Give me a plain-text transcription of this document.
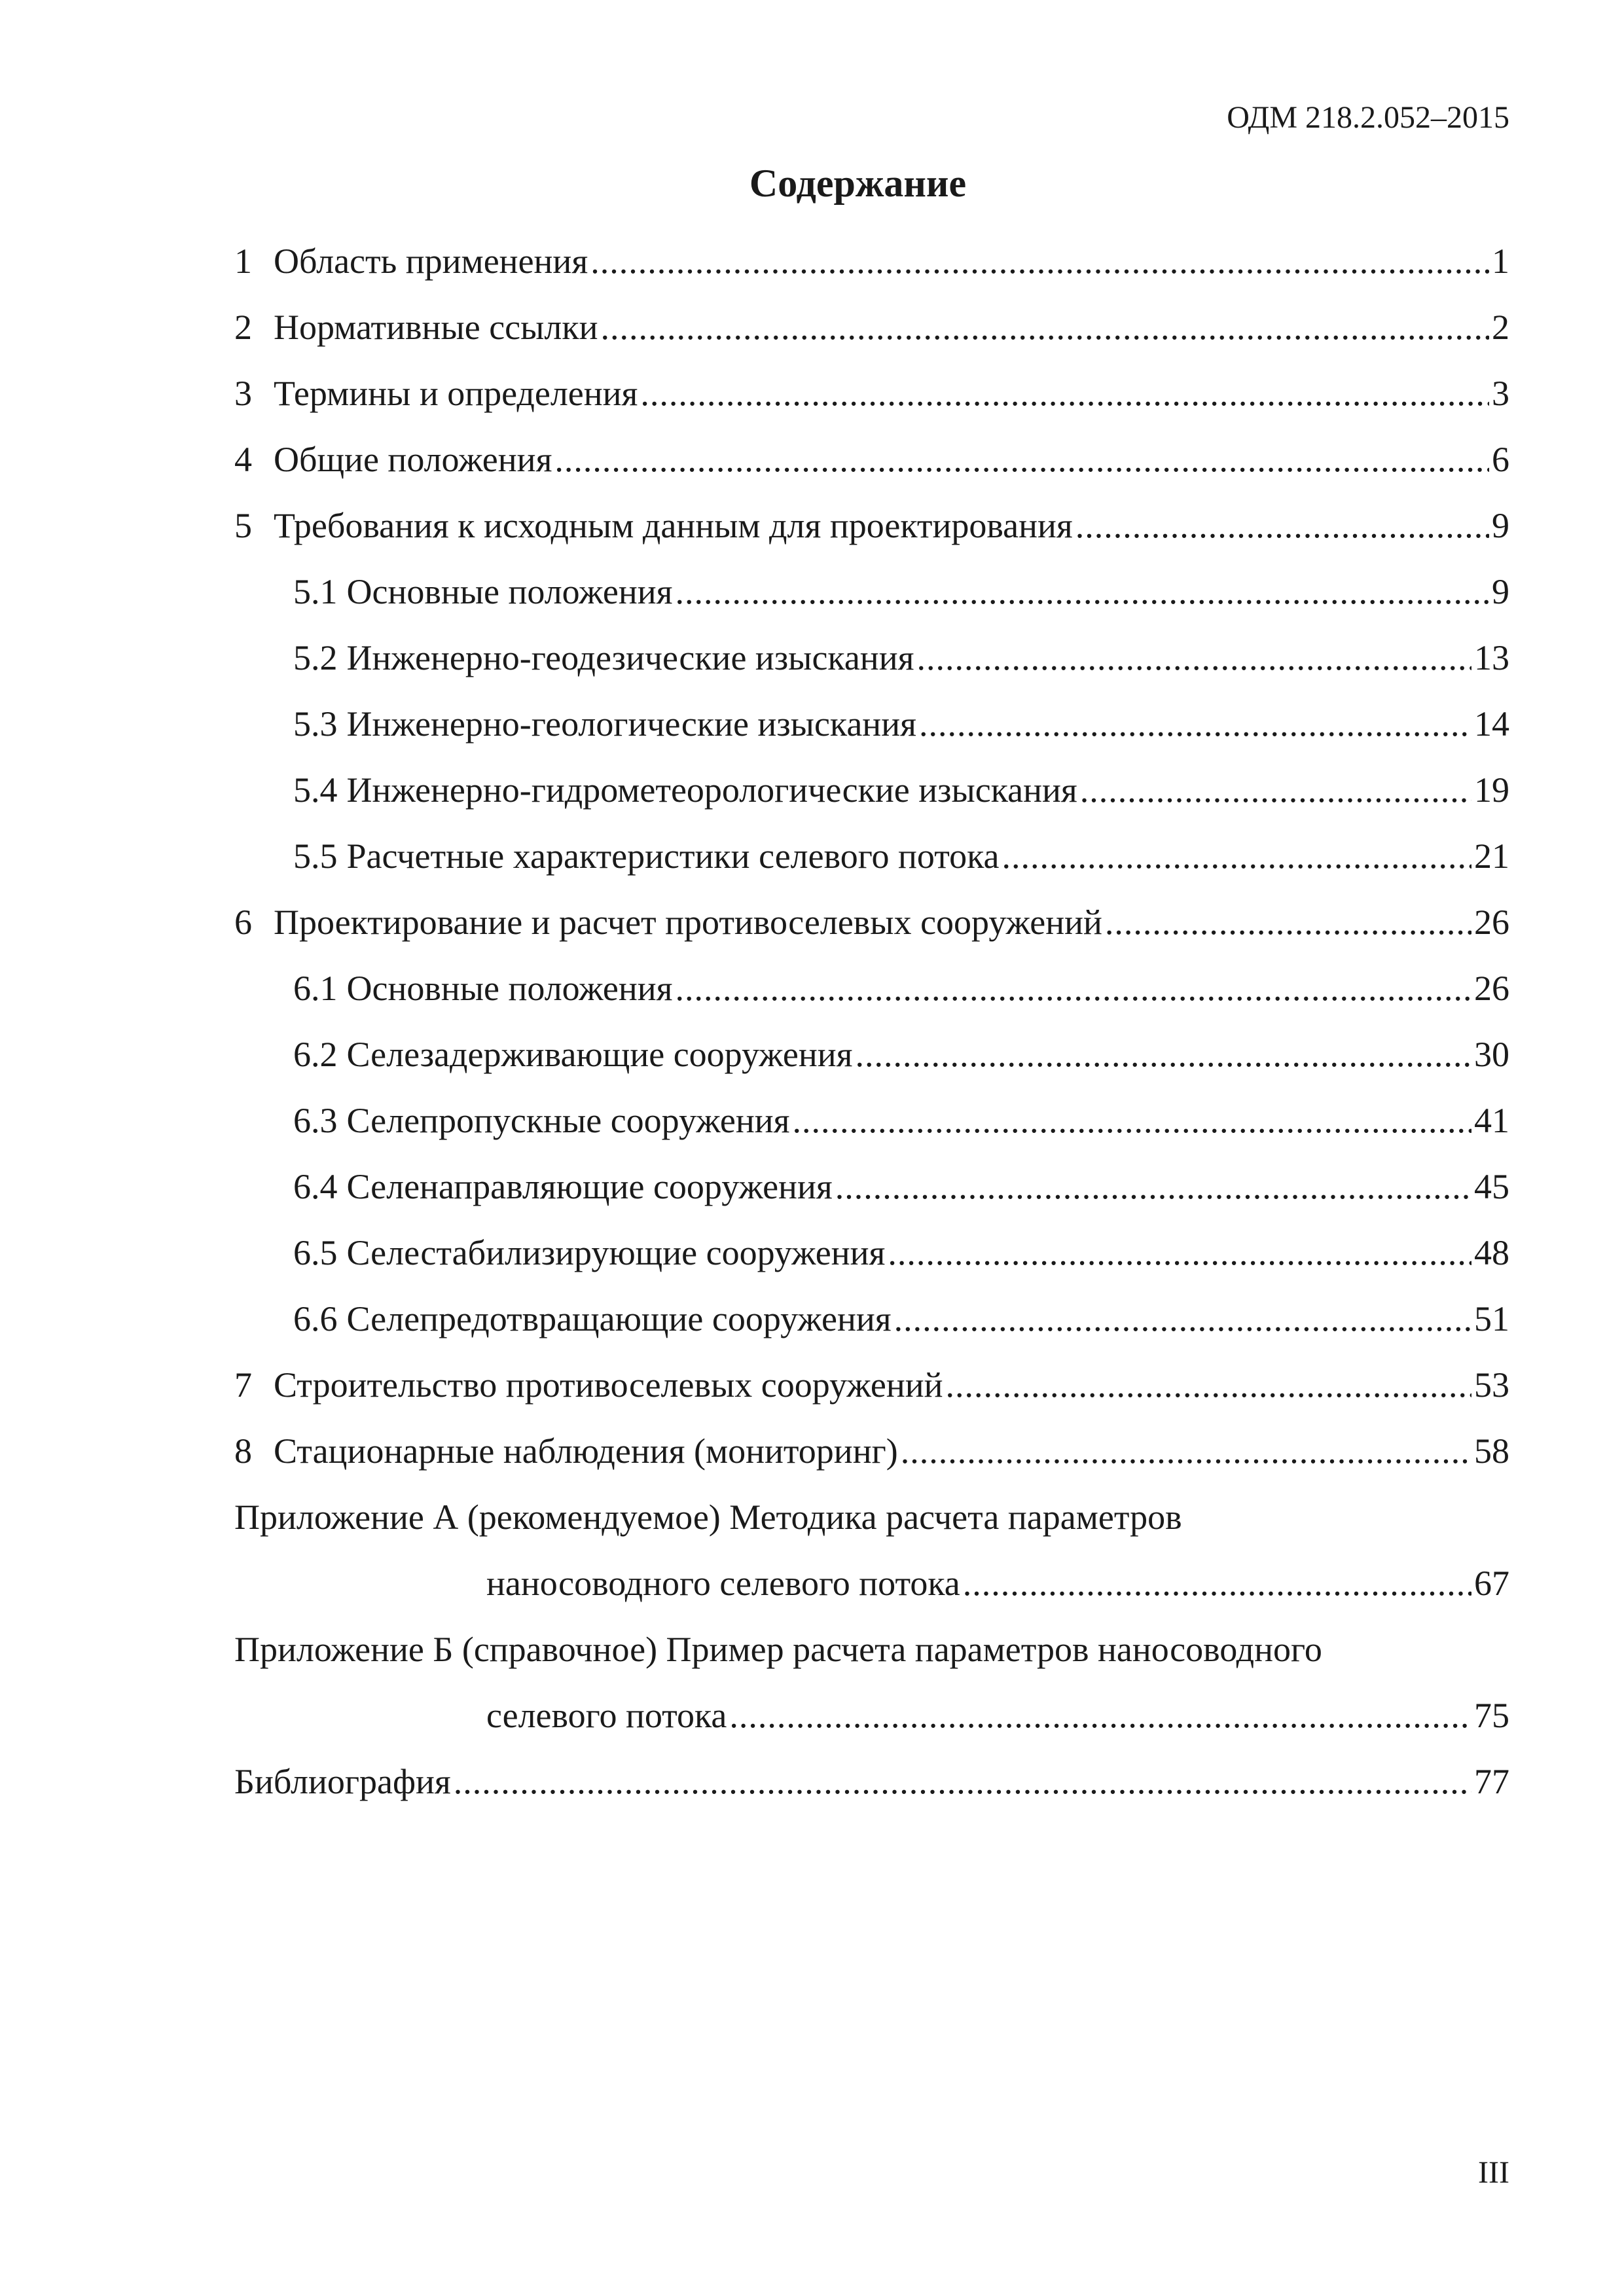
ОДМ 218.2.052–2015
Содержание
1 Область применения .....	1
2 Нормативные ссылки .....	2
3 Термины и определения .....	3
4 Общие положения .....	6
5 Требования к исходным данным для проектирования .....	9
5.1 Основные положения .....	9
5.2 Инженерно-геодезические изыскания .....	13
5.3 Инженерно-геологические изыскания .....	14
5.4 Инженерно-гидрометеорологические изыскания .....	19
5.5 Расчетные характеристики селевого потока .....	21
6 Проектирование и расчет противоселевых сооружений .....	26
6.1 Основные положения .....	26
6.2 Селезадерживающие сооружения .....	30
6.3 Селепропускные сооружения .....	41
6.4 Селенаправляющие сооружения .....	45
6.5 Селестабилизирующие сооружения .....	48
6.6 Селепредотвращающие сооружения .....	51
7 Строительство противоселевых сооружений .....	53
8 Стационарные наблюдения (мониторинг) .....	58
Приложение А (рекомендуемое) Методика расчета параметров
наносоводного селевого потока .....	67
Приложение Б (справочное) Пример расчета параметров наносоводного
селевого потока .....	75
Библиография .....	77
III
